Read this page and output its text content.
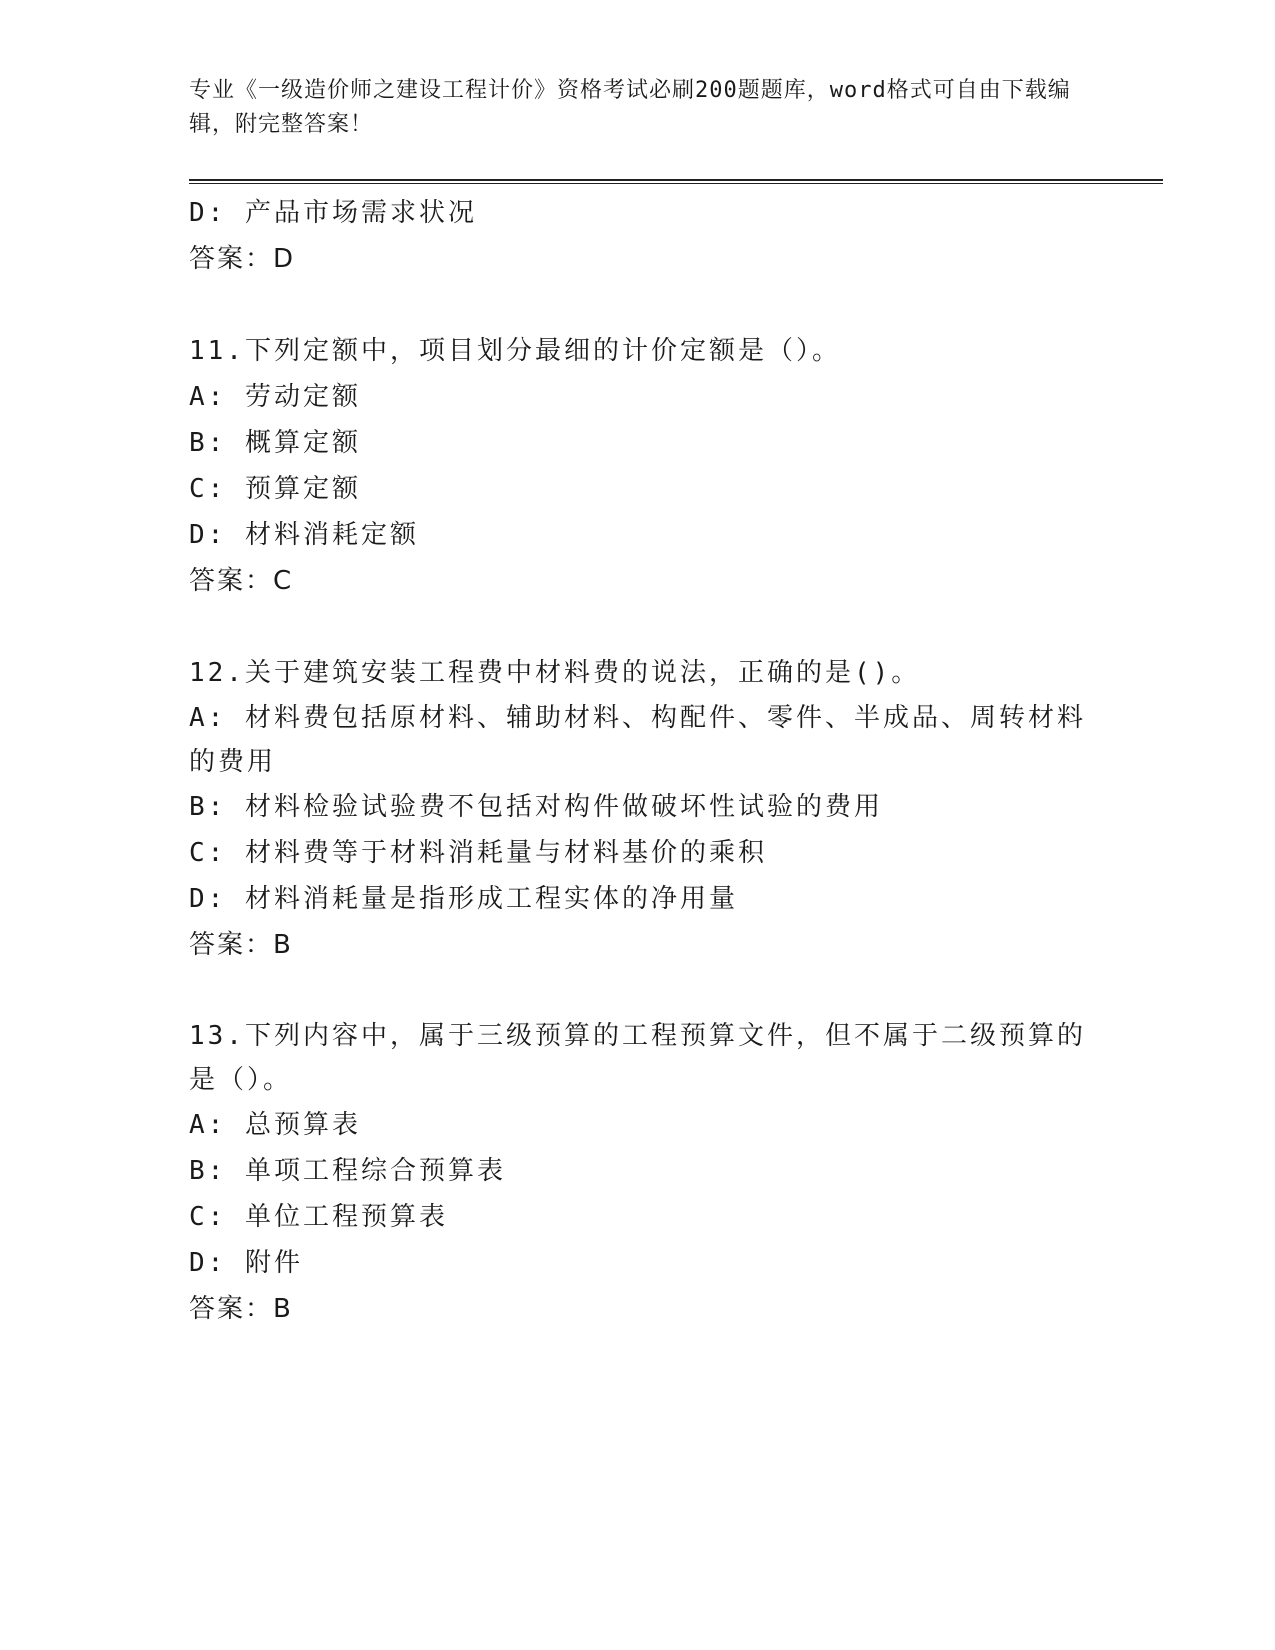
专业《一级造价师之建设工程计价》资格考试必刷200题题库，word格式可自由下载编辑，附完整答案！

D: 产品市场需求状况

答案：D

11.下列定额中，项目划分最细的计价定额是（）。

A: 劳动定额

B: 概算定额

C: 预算定额

D: 材料消耗定额

答案：C

12.关于建筑安装工程费中材料费的说法，正确的是()。

A: 材料费包括原材料、辅助材料、构配件、零件、半成品、周转材料的费用

B: 材料检验试验费不包括对构件做破坏性试验的费用

C: 材料费等于材料消耗量与材料基价的乘积

D: 材料消耗量是指形成工程实体的净用量

答案：B

13.下列内容中，属于三级预算的工程预算文件，但不属于二级预算的是（）。

A: 总预算表

B: 单项工程综合预算表

C: 单位工程预算表

D: 附件

答案：B
